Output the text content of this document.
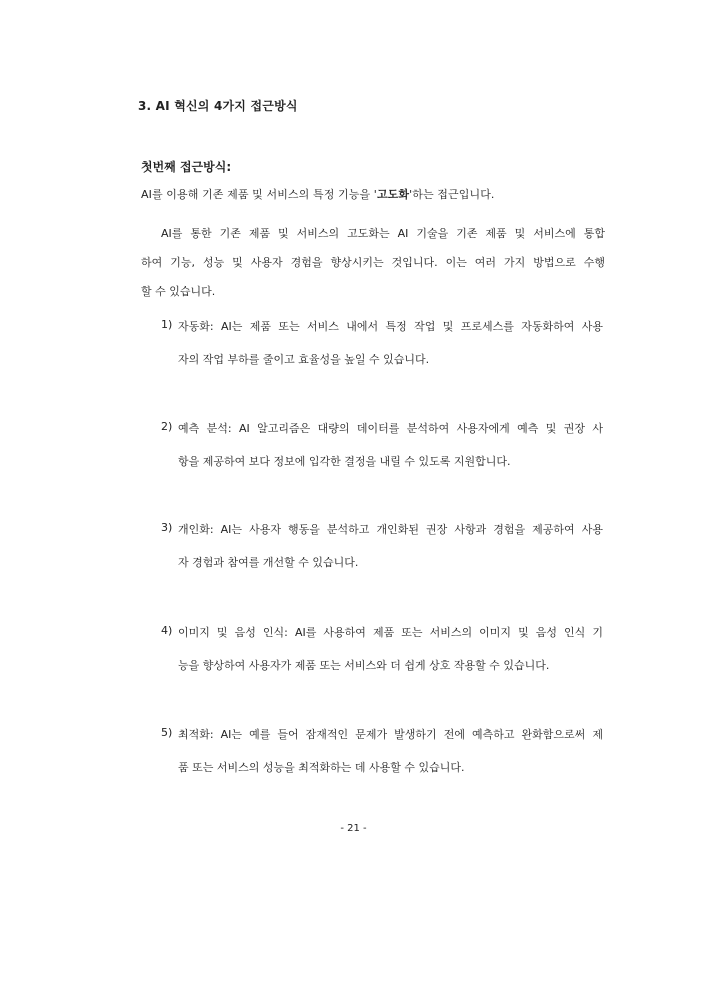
3. AI 혁신의 4가지 접근방식
첫번째 접근방식:
AI를 이용해 기존 제품 및 서비스의 특정 기능을 '고도화'하는 접근입니다.
AI를 통한 기존 제품 및 서비스의 고도화는 AI 기술을 기존 제품 및 서비스에 통합
하여 기능, 성능 및 사용자 경험을 향상시키는 것입니다. 이는 여러 가지 방법으로 수행
할 수 있습니다.
1) 자동화: AI는 제품 또는 서비스 내에서 특정 작업 및 프로세스를 자동화하여 사용
자의 작업 부하를 줄이고 효율성을 높일 수 있습니다.
2) 예측 분석: AI 알고리즘은 대량의 데이터를 분석하여 사용자에게 예측 및 권장 사
항을 제공하여 보다 정보에 입각한 결정을 내릴 수 있도록 지원합니다.
3) 개인화: AI는 사용자 행동을 분석하고 개인화된 권장 사항과 경험을 제공하여 사용
자 경험과 참여를 개선할 수 있습니다.
4) 이미지 및 음성 인식: AI를 사용하여 제품 또는 서비스의 이미지 및 음성 인식 기
능을 향상하여 사용자가 제품 또는 서비스와 더 쉽게 상호 작용할 수 있습니다.
5) 최적화: AI는 예를 들어 잠재적인 문제가 발생하기 전에 예측하고 완화함으로써 제
품 또는 서비스의 성능을 최적화하는 데 사용할 수 있습니다.
- 21 -
